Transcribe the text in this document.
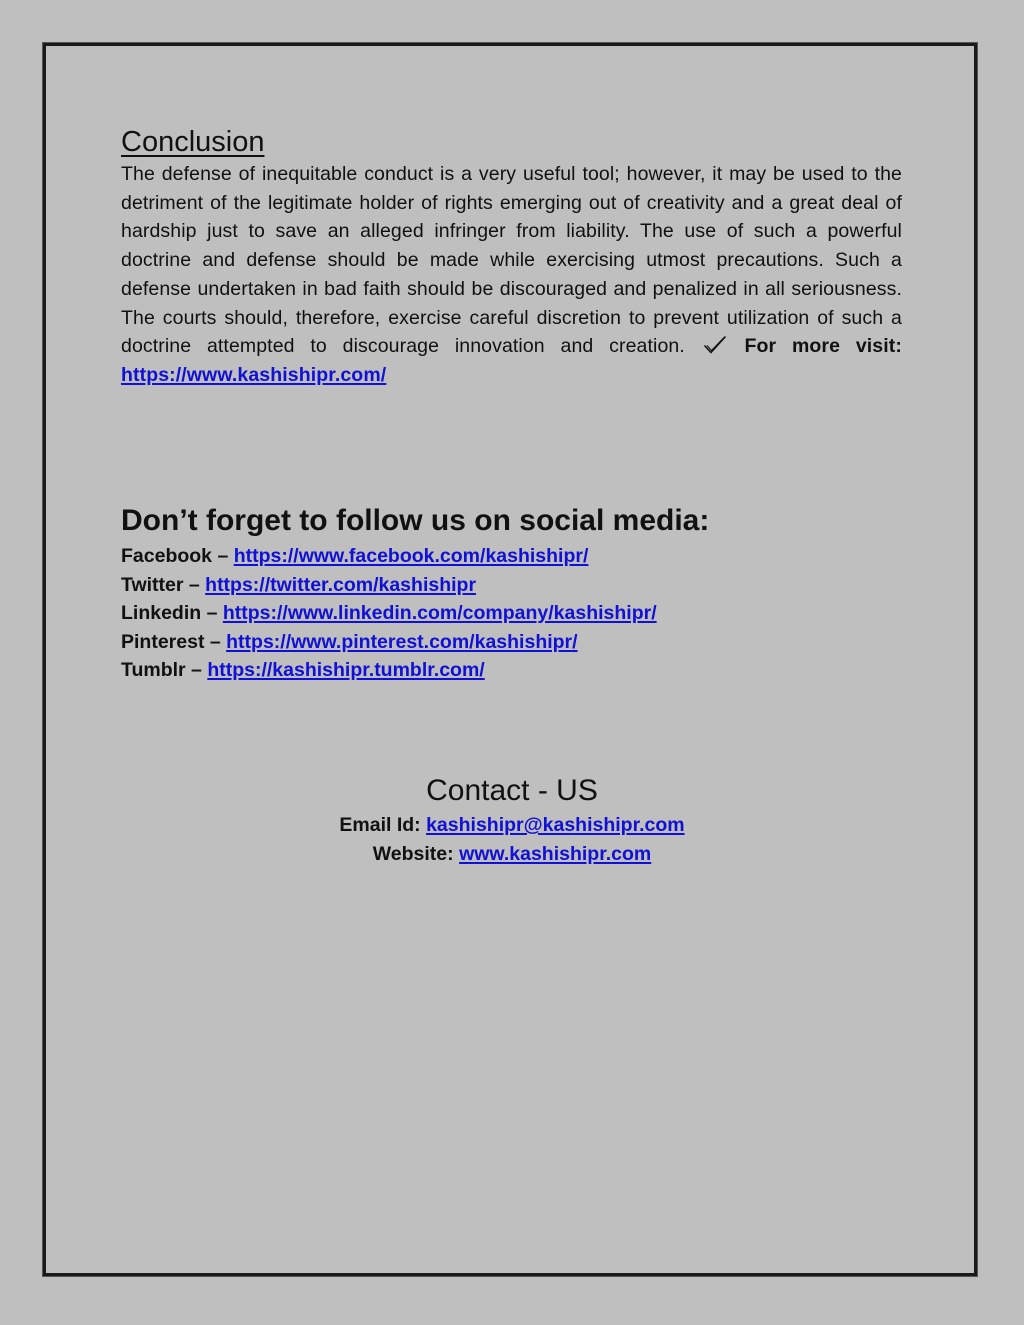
Conclusion

The defense of inequitable conduct is a very useful tool; however, it may be used to the detriment of the legitimate holder of rights emerging out of creativity and a great deal of hardship just to save an alleged infringer from liability. The use of such a powerful doctrine and defense should be made while exercising utmost precautions. Such a defense undertaken in bad faith should be discouraged and penalized in all seriousness. The courts should, therefore, exercise careful discretion to prevent utilization of such a doctrine attempted to discourage innovation and creation.	For more visit: https://www.kashishipr.com/

Don’t forget to follow us on social media:
Facebook – https://www.facebook.com/kashishipr/
Twitter – https://twitter.com/kashishipr
Linkedin – https://www.linkedin.com/company/kashishipr/
Pinterest – https://www.pinterest.com/kashishipr/
Tumblr – https://kashishipr.tumblr.com/
Contact - US
Email Id: kashishipr@kashishipr.com
Website: www.kashishipr.com
